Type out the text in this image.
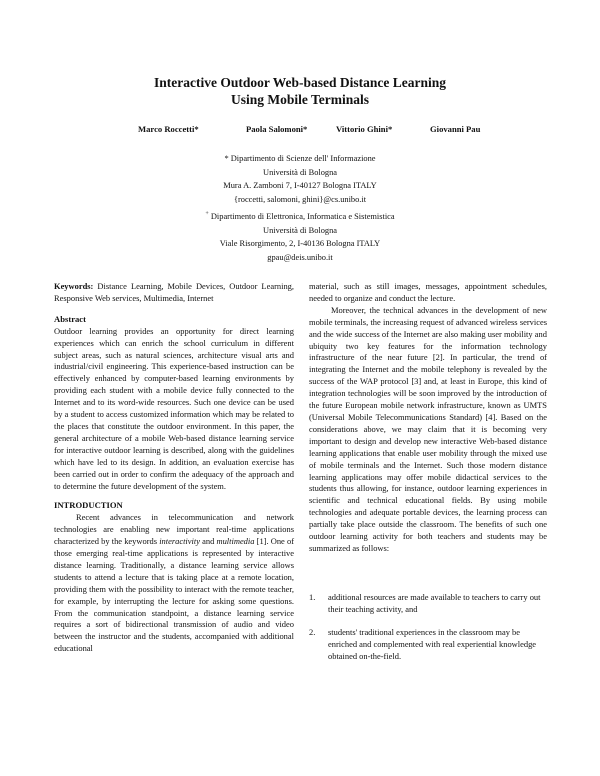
Interactive Outdoor Web-based Distance Learning
Using Mobile Terminals
Marco Roccetti*	Paola Salomoni*	Vittorio Ghini*	Giovanni Pau
* Dipartimento di Scienze dell' Informazione
Università di Bologna
Mura A. Zamboni 7, I-40127 Bologna ITALY
{roccetti, salomoni, ghini}@cs.unibo.it
+ Dipartimento di Elettronica, Informatica e Sistemistica
Università di Bologna
Viale Risorgimento, 2, I-40136 Bologna ITALY
gpau@deis.unibo.it

Keywords: Distance Learning, Mobile Devices, Outdoor Learning, Responsive Web services, Multimedia, Internet

Abstract

Outdoor learning provides an opportunity for direct learning experiences which can enrich the school curriculum in different subject areas, such as natural sciences, architecture visual arts and industrial/civil engineering. This experience-based instruction can be effectively enhanced by computer-based learning environments by providing each student with a mobile device fully connected to the Internet and to its word-wide resources. Such one device can be used by a student to access customized information which may be related to the places that constitute the outdoor environment. In this paper, the general architecture of a mobile Web-based distance learning service for interactive outdoor learning is described, along with the guidelines which have led to its design. In addition, an evaluation exercise has been carried out in order to confirm the adequacy of the approach and to determine the future development of the system.

INTRODUCTION

Recent advances in telecommunication and network technologies are enabling new important real-time applications characterized by the keywords interactivity and multimedia [1]. One of those emerging real-time applications is represented by interactive distance learning. Traditionally, a distance learning service allows students to attend a lecture that is taking place at a remote location, providing them with the possibility to interact with the remote teacher, for example, by interrupting the lecture for asking some questions. From the communication standpoint, a distance learning service requires a sort of bidirectional transmission of audio and video between the instructor and the students, accompanied with additional educational

material, such as still images, messages, appointment schedules, needed to organize and conduct the lecture.

Moreover, the technical advances in the development of new mobile terminals, the increasing request of advanced wireless services and the wide success of the Internet are also making user mobility and ubiquity two key features for the information technology infrastructure of the near future [2]. In particular, the trend of integrating the Internet and the mobile telephony is revealed by the success of the WAP protocol [3] and, at least in Europe, this kind of integration technologies will be soon improved by the introduction of the future European mobile network infrastructure, known as UMTS (Universal Mobile Telecommunications Standard) [4]. Based on the considerations above, we may claim that it is becoming very important to design and develop new interactive Web-based distance learning applications that enable user mobility through the mixed use of mobile terminals and the Internet. Such those modern distance learning applications may offer mobile didactical services to the students thus allowing, for instance, outdoor learning experiences in scientific and technical educational fields. By using mobile technologies and adequate portable devices, the learning process can partially take place outside the classroom. The benefits of such one outdoor learning activity for both teachers and students may be summarized as follows:

1. additional resources are made available to teachers to carry out their teaching activity, and
2. students' traditional experiences in the classroom may be enriched and complemented with real experiential knowledge obtained on-the-field.
